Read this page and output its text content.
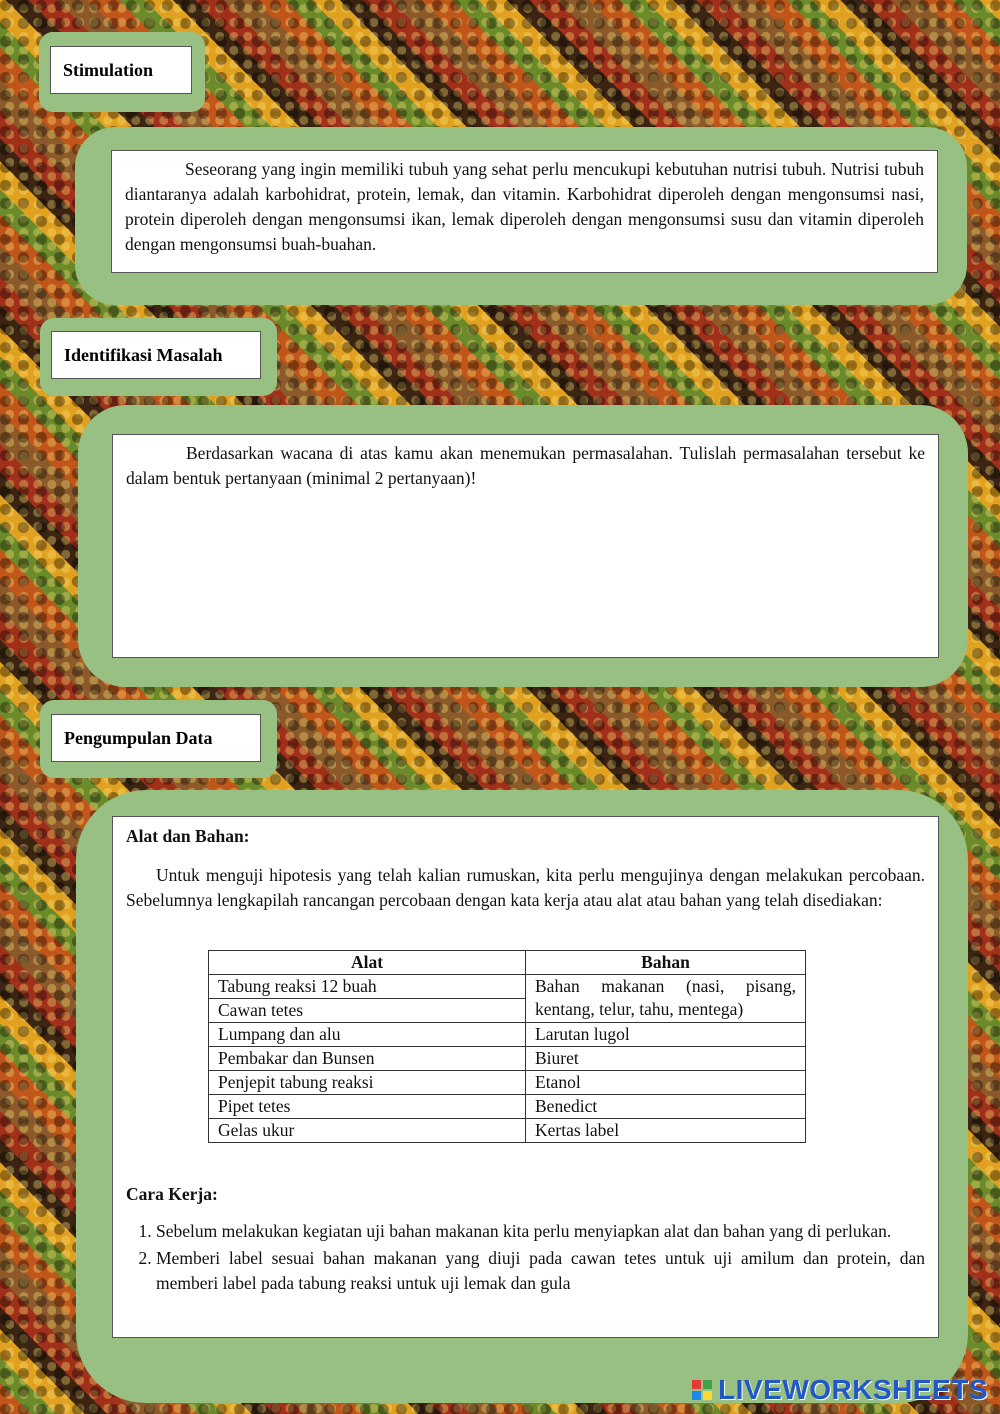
Stimulation

Seseorang yang ingin memiliki tubuh yang sehat perlu mencukupi kebutuhan nutrisi tubuh. Nutrisi tubuh diantaranya adalah karbohidrat, protein, lemak, dan vitamin. Karbohidrat diperoleh dengan mengonsumsi nasi, protein diperoleh dengan mengonsumsi ikan, lemak diperoleh dengan mengonsumsi susu dan vitamin diperoleh dengan mengonsumsi buah-buahan.

Identifikasi Masalah

Berdasarkan wacana di atas kamu akan menemukan permasalahan. Tulislah permasalahan tersebut ke dalam bentuk pertanyaan (minimal 2 pertanyaan)!

Pengumpulan Data

Alat dan Bahan:

Untuk menguji hipotesis yang telah kalian rumuskan, kita perlu mengujinya dengan melakukan percobaan. Sebelumnya lengkapilah rancangan percobaan dengan kata kerja atau alat atau bahan yang telah disediakan:

Alat	Bahan
Tabung reaksi 12 buah	Bahan makanan (nasi, pisang, kentang, telur, tahu, mentega)
Cawan tetes	
Lumpang dan alu	Larutan lugol
Pembakar dan Bunsen	Biuret
Penjepit tabung reaksi	Etanol
Pipet tetes	Benedict
Gelas ukur	Kertas label

Cara Kerja:

1. Sebelum melakukan kegiatan uji bahan makanan kita perlu menyiapkan alat dan bahan yang di perlukan.
2. Memberi label sesuai bahan makanan yang diuji pada cawan tetes untuk uji amilum dan protein, dan memberi label pada tabung reaksi untuk uji lemak dan gula
LIVEWORKSHEETS
